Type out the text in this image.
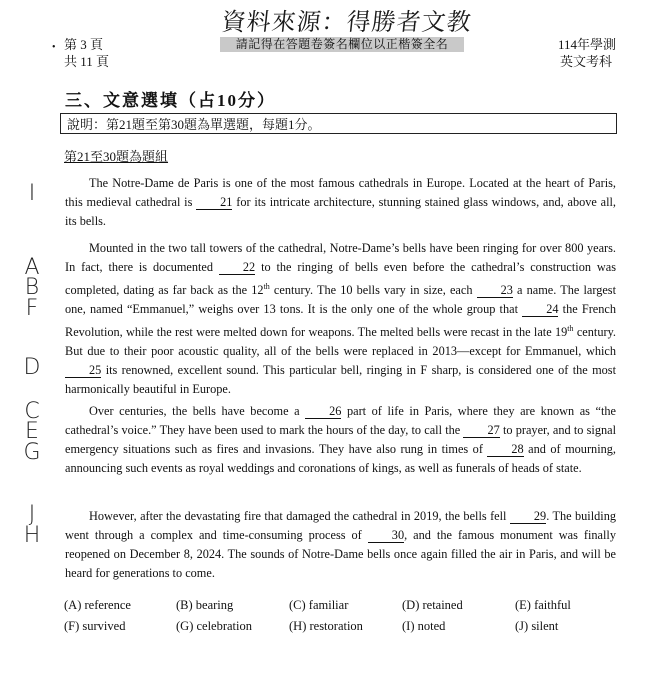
資料來源：得勝者文教
• 第 3 頁
共 11 頁
請記得在答題卷簽名欄位以正楷簽全名	114年學測
英文考科
三、文意選填（占10分）
說明：第21題至第30題為單選題，每題1分。
第21至30題為題組
I
A
B
F
D
C
E
G
J
H

The Notre-Dame de Paris is one of the most famous cathedrals in Europe. Located at the heart of Paris, this medieval cathedral is 21 for its intricate architecture, stunning stained glass windows, and, above all, its bells.

Mounted in the two tall towers of the cathedral, Notre-Dame’s bells have been ringing for over 800 years. In fact, there is documented 22 to the ringing of bells even before the cathedral’s construction was completed, dating as far back as the 12th century. The 10 bells vary in size, each 23 a name. The largest one, named “Emmanuel,” weighs over 13 tons. It is the only one of the whole group that 24 the French Revolution, while the rest were melted down for weapons. The melted bells were recast in the late 19th century. But due to their poor acoustic quality, all of the bells were replaced in 2013—except for Emmanuel, which 25 its renowned, excellent sound. This particular bell, ringing in F sharp, is considered one of the most harmonically beautiful in Europe.

Over centuries, the bells have become a 26 part of life in Paris, where they are known as “the cathedral’s voice.” They have been used to mark the hours of the day, to call the 27 to prayer, and to signal emergency situations such as fires and invasions. They have also rung in times of 28 and of mourning, announcing such events as royal weddings and coronations of kings, as well as funerals of heads of state.

However, after the devastating fire that damaged the cathedral in 2019, the bells fell 29. The building went through a complex and time-consuming process of 30, and the famous monument was finally reopened on December 8, 2024. The sounds of Notre-Dame bells once again filled the air in Paris, and will be heard for generations to come.

(A) reference	(B) bearing	(C) familiar	(D) retained	(E) faithful
(F) survived	(G) celebration	(H) restoration	(I) noted	(J) silent
